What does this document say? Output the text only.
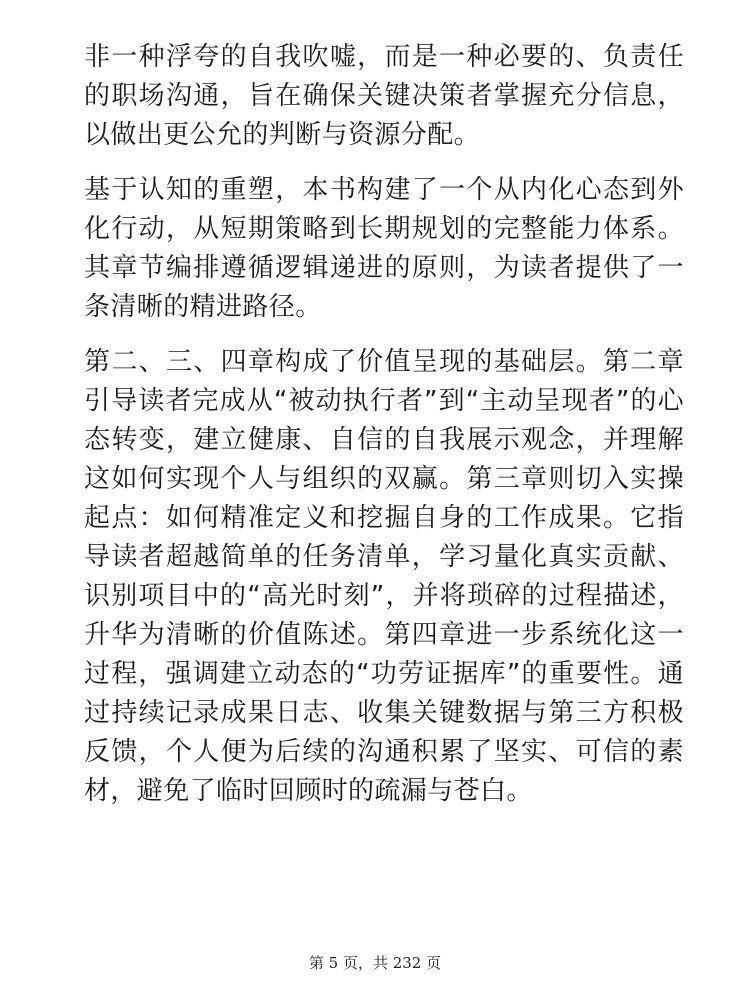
非一种浮夸的自我吹嘘，而是一种必要的、负责任的职场沟通，旨在确保关键决策者掌握充分信息，以做出更公允的判断与资源分配。

基于认知的重塑，本书构建了一个从内化心态到外化行动，从短期策略到长期规划的完整能力体系。其章节编排遵循逻辑递进的原则，为读者提供了一条清晰的精进路径。

第二、三、四章构成了价值呈现的基础层。第二章引导读者完成从“被动执行者”到“主动呈现者”的心态转变，建立健康、自信的自我展示观念，并理解这如何实现个人与组织的双赢。第三章则切入实操起点：如何精准定义和挖掘自身的工作成果。它指导读者超越简单的任务清单，学习量化真实贡献、识别项目中的“高光时刻”，并将琐碎的过程描述，升华为清晰的价值陈述。第四章进一步系统化这一过程，强调建立动态的“功劳证据库”的重要性。通过持续记录成果日志、收集关键数据与第三方积极反馈，个人便为后续的沟通积累了坚实、可信的素材，避免了临时回顾时的疏漏与苍白。

第 5 页，共 232 页
